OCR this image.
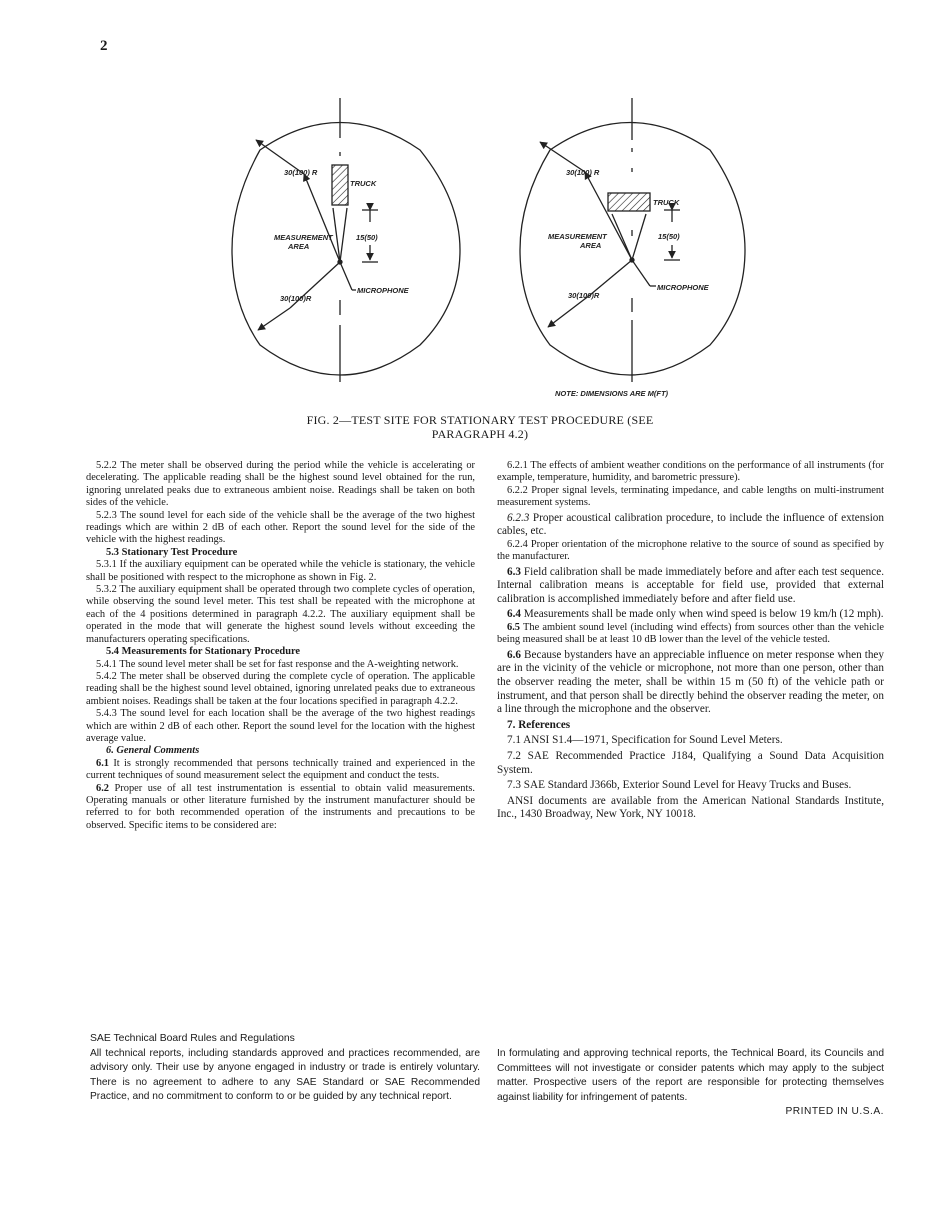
2
30(100) R
TRUCK
MEASUREMENT
AREA
15(50)
MICROPHONE
30(100)R
30(100) R
TRUCK
MEASUREMENT
AREA
15(50)
MICROPHONE
30(100)R
NOTE: DIMENSIONS ARE M(FT)
FIG. 2—TEST SITE FOR STATIONARY TEST PROCEDURE (SEE
PARAGRAPH 4.2)

5.2.2 The meter shall be observed during the period while the vehicle is accelerating or decelerating. The applicable reading shall be the highest sound level obtained for the run, ignoring unrelated peaks due to extraneous ambient noise. Readings shall be taken on both sides of the vehicle.

5.2.3 The sound level for each side of the vehicle shall be the average of the two highest readings which are within 2 dB of each other. Report the sound level for the side of the vehicle with the highest readings.

5.3 Stationary Test Procedure

5.3.1 If the auxiliary equipment can be operated while the vehicle is stationary, the vehicle shall be positioned with respect to the microphone as shown in Fig. 2.

5.3.2 The auxiliary equipment shall be operated through two complete cycles of operation, while observing the sound level meter. This test shall be repeated with the microphone at each of the 4 positions determined in paragraph 4.2.2. The auxiliary equipment shall be operated in the mode that will generate the highest sound levels without exceeding the manufacturers operating specifications.

5.4 Measurements for Stationary Procedure

5.4.1 The sound level meter shall be set for fast response and the A-weighting network.

5.4.2 The meter shall be observed during the complete cycle of operation. The applicable reading shall be the highest sound level obtained, ignoring unrelated peaks due to extraneous ambient noises. Readings shall be taken at the four locations specified in paragraph 4.2.2.

5.4.3 The sound level for each location shall be the average of the two highest readings which are within 2 dB of each other. Report the sound level for the location with the highest average value.

6. General Comments

6.1 It is strongly recommended that persons technically trained and experienced in the current techniques of sound measurement select the equipment and conduct the tests.

6.2 Proper use of all test instrumentation is essential to obtain valid measurements. Operating manuals or other literature furnished by the instrument manufacturer should be referred to for both recommended operation of the instruments and precautions to be observed. Specific items to be considered are:

6.2.1 The effects of ambient weather conditions on the performance of all instruments (for example, temperature, humidity, and barometric pressure).

6.2.2 Proper signal levels, terminating impedance, and cable lengths on multi-instrument measurement systems.

6.2.3 Proper acoustical calibration procedure, to include the influence of extension cables, etc.

6.2.4 Proper orientation of the microphone relative to the source of sound as specified by the manufacturer.

6.3 Field calibration shall be made immediately before and after each test sequence. Internal calibration means is acceptable for field use, provided that external calibration is accomplished immediately before and after field use.

6.4 Measurements shall be made only when wind speed is below 19 km/h (12 mph).

6.5 The ambient sound level (including wind effects) from sources other than the vehicle being measured shall be at least 10 dB lower than the level of the vehicle tested.

6.6 Because bystanders have an appreciable influence on meter response when they are in the vicinity of the vehicle or microphone, not more than one person, other than the observer reading the meter, shall be within 15 m (50 ft) of the vehicle path or instrument, and that person shall be directly behind the observer reading the meter, on a line through the microphone and the observer.

7. References

7.1 ANSI S1.4—1971, Specification for Sound Level Meters.

7.2 SAE Recommended Practice J184, Qualifying a Sound Data Acquisition System.

7.3 SAE Standard J366b, Exterior Sound Level for Heavy Trucks and Buses.

ANSI documents are available from the American National Standards Institute, Inc., 1430 Broadway, New York, NY 10018.

SAE Technical Board Rules and Regulations
All technical reports, including standards approved and practices recommended, are advisory only. Their use by anyone engaged in industry or trade is entirely voluntary. There is no agreement to adhere to any SAE Standard or SAE Recommended Practice, and no commitment to conform to or be guided by any technical report.
In formulating and approving technical reports, the Technical Board, its Councils and Committees will not investigate or consider patents which may apply to the subject matter. Prospective users of the report are responsible for protecting themselves against liability for infringement of patents.
PRINTED IN U.S.A.
